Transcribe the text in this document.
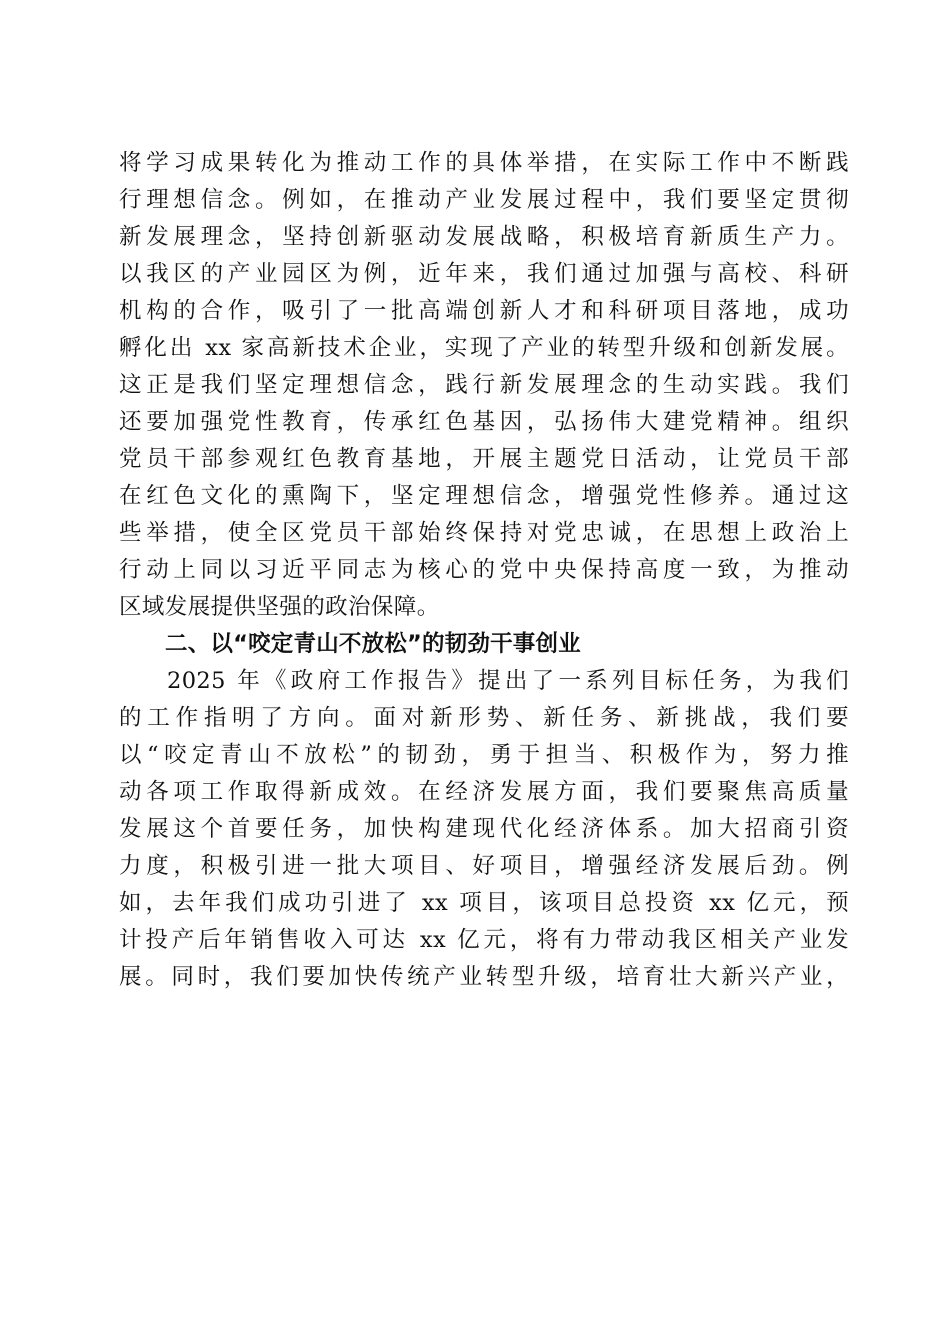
将学习成果转化为推动工作的具体举措，在实际工作中不断践
行理想信念。例如，在推动产业发展过程中，我们要坚定贯彻
新发展理念，坚持创新驱动发展战略，积极培育新质生产力。
以我区的产业园区为例，近年来，我们通过加强与高校、科研
机构的合作，吸引了一批高端创新人才和科研项目落地，成功
孵化出 xx 家高新技术企业，实现了产业的转型升级和创新发展。
这正是我们坚定理想信念，践行新发展理念的生动实践。我们
还要加强党性教育，传承红色基因，弘扬伟大建党精神。组织
党员干部参观红色教育基地，开展主题党日活动，让党员干部
在红色文化的熏陶下，坚定理想信念，增强党性修养。通过这
些举措，使全区党员干部始终保持对党忠诚，在思想上政治上
行动上同以习近平同志为核心的党中央保持高度一致，为推动
区域发展提供坚强的政治保障。
二、以“咬定青山不放松”的韧劲干事创业
2025 年《政府工作报告》提出了一系列目标任务，为我们
的工作指明了方向。面对新形势、新任务、新挑战，我们要
以“咬定青山不放松”的韧劲，勇于担当、积极作为，努力推
动各项工作取得新成效。在经济发展方面，我们要聚焦高质量
发展这个首要任务，加快构建现代化经济体系。加大招商引资
力度，积极引进一批大项目、好项目，增强经济发展后劲。例
如，去年我们成功引进了 xx 项目，该项目总投资 xx 亿元，预
计投产后年销售收入可达 xx 亿元，将有力带动我区相关产业发
展。同时，我们要加快传统产业转型升级，培育壮大新兴产业，
